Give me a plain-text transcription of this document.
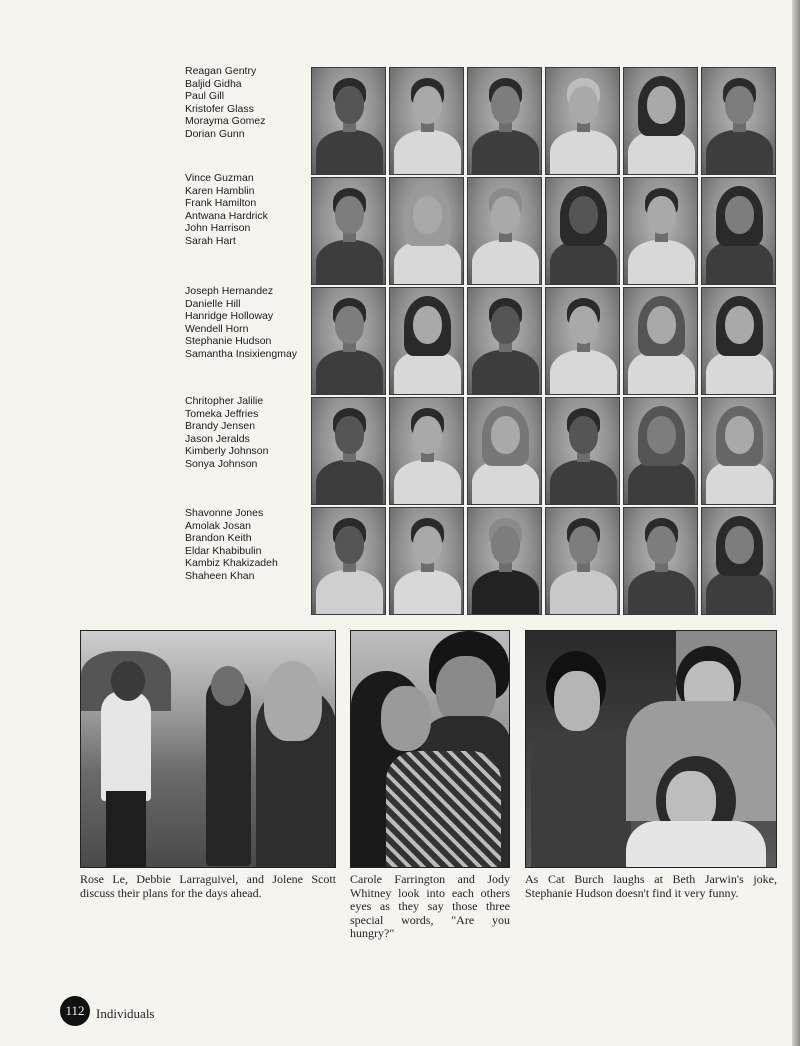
Reagan Gentry
Baljid Gidha
Paul Gill
Kristofer Glass
Morayma Gomez
Dorian Gunn
Vince Guzman
Karen Hamblin
Frank Hamilton
Antwana Hardrick
John Harrison
Sarah Hart
Joseph Hernandez
Danielle Hill
Hanridge Holloway
Wendell Horn
Stephanie Hudson
Samantha Insixiengmay
Chritopher Jalilie
Tomeka Jeffries
Brandy Jensen
Jason Jeralds
Kimberly Johnson
Sonya Johnson
Shavonne Jones
Amolak Josan
Brandon Keith
Eldar Khabibulin
Kambiz Khakizadeh
Shaheen Khan
Rose Le, Debbie Larraguivel, and Jolene Scott discuss their plans for the days ahead.
Carole Farrington and Jody Whitney look into each others eyes as they say those three special words, "Are you hungry?"
As Cat Burch laughs at Beth Jarwin's joke, Stephanie Hudson doesn't find it very funny.
112 Individuals
